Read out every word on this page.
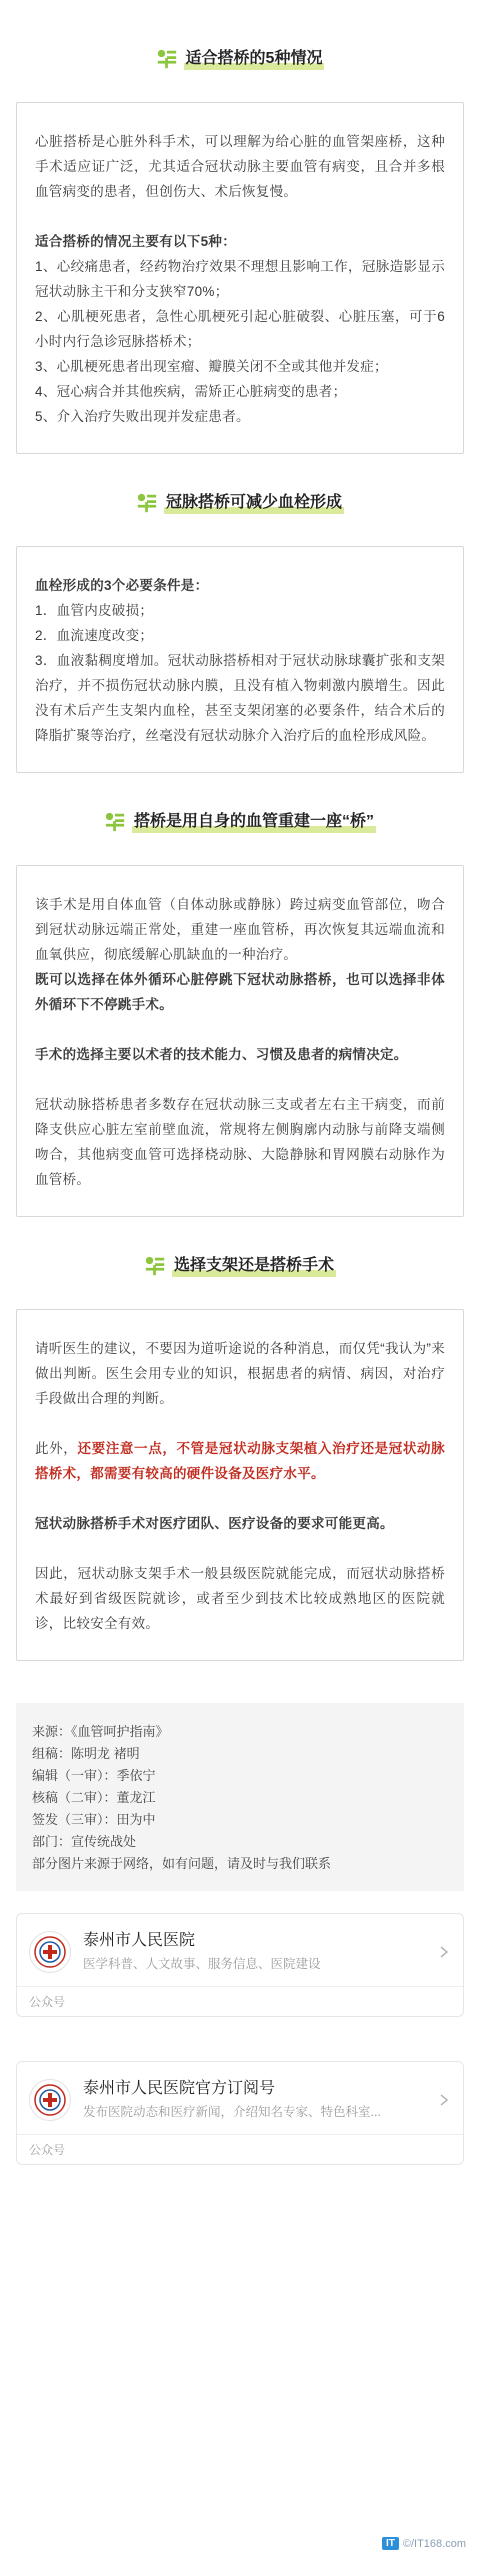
适合搭桥的5种情况

心脏搭桥是心脏外科手术，可以理解为给心脏的血管架座桥，这种手术适应证广泛，尤其适合冠状动脉主要血管有病变，且合并多根血管病变的患者，但创伤大、术后恢复慢。

适合搭桥的情况主要有以下5种：

1、心绞痛患者，经药物治疗效果不理想且影响工作，冠脉造影显示冠状动脉主干和分支狭窄70%；

2、心肌梗死患者，急性心肌梗死引起心脏破裂、心脏压塞，可于6小时内行急诊冠脉搭桥术；

3、心肌梗死患者出现室瘤、瓣膜关闭不全或其他并发症；

4、冠心病合并其他疾病，需矫正心脏病变的患者；

5、介入治疗失败出现并发症患者。

冠脉搭桥可减少血栓形成

血栓形成的3个必要条件是：

1．血管内皮破损；

2．血流速度改变；

3．血液黏稠度增加。冠状动脉搭桥相对于冠状动脉球囊扩张和支架治疗，并不损伤冠状动脉内膜，且没有植入物刺激内膜增生。因此没有术后产生支架内血栓，甚至支架闭塞的必要条件，结合术后的降脂扩聚等治疗，丝毫没有冠状动脉介入治疗后的血栓形成风险。

搭桥是用自身的血管重建一座“桥”

该手术是用自体血管（自体动脉或静脉）跨过病变血管部位，吻合到冠状动脉远端正常处，重建一座血管桥，再次恢复其远端血流和血氧供应，彻底缓解心肌缺血的一种治疗。

既可以选择在体外循环心脏停跳下冠状动脉搭桥，也可以选择非体外循环下不停跳手术。

手术的选择主要以术者的技术能力、习惯及患者的病情决定。

冠状动脉搭桥患者多数存在冠状动脉三支或者左右主干病变，而前降支供应心脏左室前壁血流，常规将左侧胸廓内动脉与前降支端侧吻合，其他病变血管可选择桡动脉、大隐静脉和胃网膜右动脉作为血管桥。

选择支架还是搭桥手术

请听医生的建议，不要因为道听途说的各种消息，而仅凭“我认为”来做出判断。医生会用专业的知识，根据患者的病情、病因，对治疗手段做出合理的判断。

此外，还要注意一点，不管是冠状动脉支架植入治疗还是冠状动脉搭桥术，都需要有较高的硬件设备及医疗水平。

冠状动脉搭桥手术对医疗团队、医疗设备的要求可能更高。

因此，冠状动脉支架手术一般县级医院就能完成，而冠状动脉搭桥术最好到省级医院就诊，或者至少到技术比较成熟地区的医院就诊，比较安全有效。

来源：《血管呵护指南》

组稿：陈明龙 褚明

编辑（一审）：季依宁

核稿（二审）：董龙江

签发（三审）：田为中

部门：宣传统战处

部分图片来源于网络，如有问题，请及时与我们联系

泰州市人民医院
医学科普、人文故事、服务信息、医院建设
公众号
泰州市人民医院官方订阅号
发布医院动态和医疗新闻，介绍知名专家、特色科室...
公众号
IT ©/IT168.com
